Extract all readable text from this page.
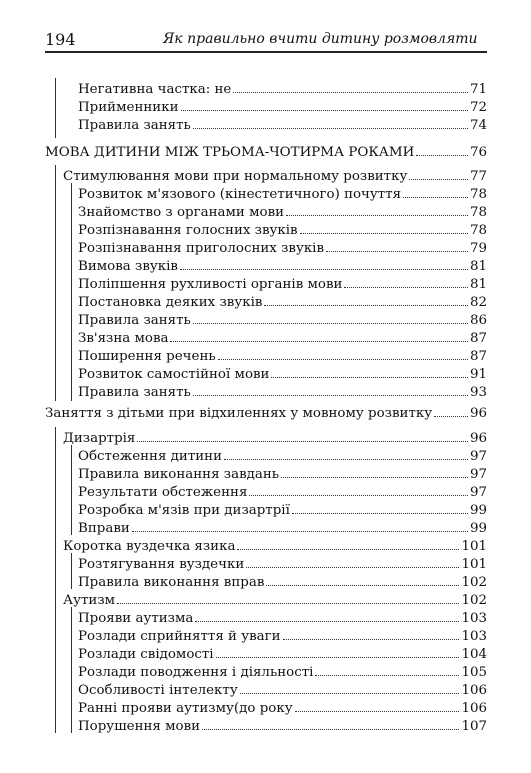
194	Як правильно вчити дитину розмовляти
Негативна частка: не	71
Прийменники	72
Правила занять	74
МОВА ДИТИНИ МІЖ ТРЬОМА-ЧОТИРМА РОКАМИ	76
Стимулювання мови при нормальному розвитку	77
Розвиток м'язового (кінестетичного) почуття	78
Знайомство з органами мови	78
Розпізнавання голосних звуків	78
Розпізнавання приголосних звуків	79
Вимова звуків	81
Поліпшення рухливості органів мови	81
Постановка деяких звуків	82
Правила занять	86
Зв'язна мова	87
Поширення речень	87
Розвиток самостійної мови	91
Правила занять	93
Заняття з дітьми при відхиленнях у мовному розвитку	96
Дизартрія	96
Обстеження дитини	97
Правила виконання завдань	97
Результати обстеження	97
Розробка м'язів при дизартрії	99
Вправи	99
Коротка вуздечка язика	101
Розтягування вуздечки	101
Правила виконання вправ	102
Аутизм	102
Прояви аутизма	103
Розлади сприйняття й уваги	103
Розлади свідомості	104
Розлади поводження і діяльності	105
Особливості інтелекту	106
Ранні прояви аутизму(до року	106
Порушення мови	107
